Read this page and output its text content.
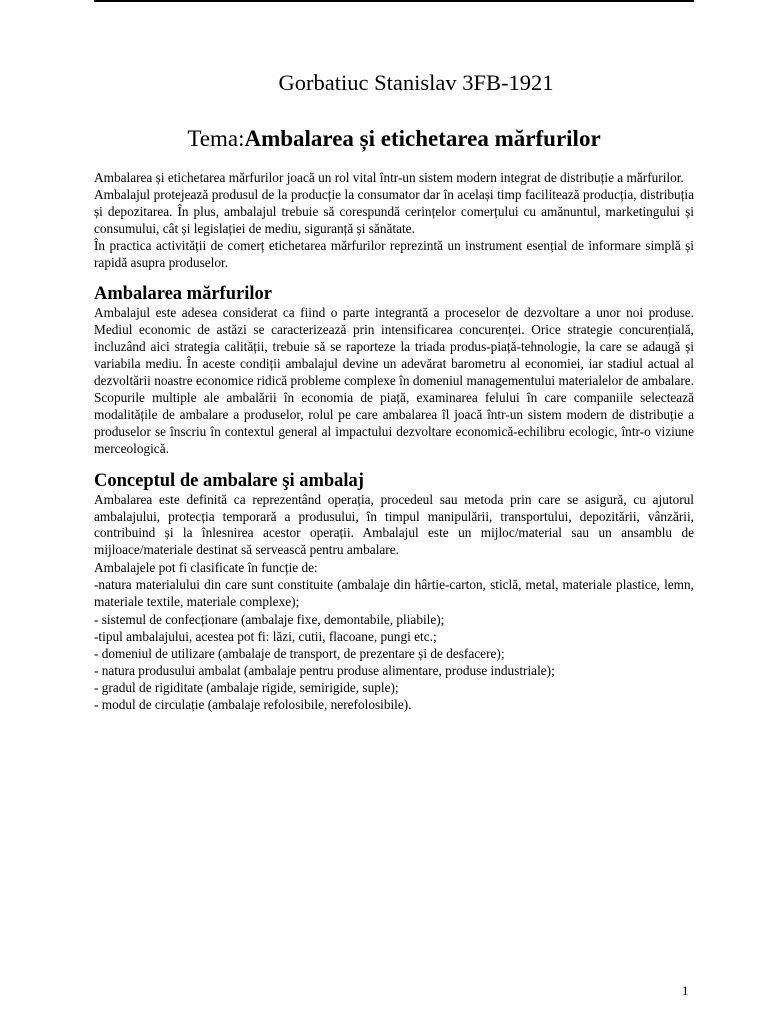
Gorbatiuc Stanislav 3FB-1921
Tema:Ambalarea și etichetarea mărfurilor

Ambalarea și etichetarea mărfurilor joacă un rol vital într-un sistem modern integrat de distribuție a mărfurilor.

Ambalajul protejează produsul de la producție la consumator dar în același timp facilitează producția, distribuția și depozitarea. În plus, ambalajul trebuie să corespundă cerințelor comerțului cu amănuntul, marketingului și consumului, cât și legislației de mediu, siguranță și sănătate.

În practica activității de comerț etichetarea mărfurilor reprezintă un instrument esențial de informare simplă și rapidă asupra produselor.

Ambalarea mărfurilor

Ambalajul este adesea considerat ca fiind o parte integrantă a proceselor de dezvoltare a unor noi produse. Mediul economic de astăzi se caracterizează prin intensificarea concurenței. Orice strategie concurențială, incluzând aici strategia calității, trebuie să se raporteze la triada produs-piață-tehnologie, la care se adaugă și variabila mediu. În aceste condiții ambalajul devine un adevărat barometru al economiei, iar stadiul actual al dezvoltării noastre economice ridică probleme complexe în domeniul managementului materialelor de ambalare. Scopurile multiple ale ambalării în economia de piață, examinarea felului în care companiile selectează modalitățile de ambalare a produselor, rolul pe care ambalarea îl joacă într-un sistem modern de distribuție a produselor se înscriu în contextul general al impactului dezvoltare economică-echilibru ecologic, într-o viziune merceologică.

Conceptul de ambalare şi ambalaj

Ambalarea este definită ca reprezentând operația, procedeul sau metoda prin care se asigură, cu ajutorul ambalajului, protecția temporară a produsului, în timpul manipulării, transportului, depozitării, vânzării, contribuind și la înlesnirea acestor operații. Ambalajul este un mijloc/material sau un ansamblu de mijloace/materiale destinat să servească pentru ambalare.

Ambalajele pot fi clasificate în funcție de:
-natura materialului din care sunt constituite (ambalaje din hârtie-carton, sticlă, metal, materiale plastice, lemn, materiale textile, materiale complexe);
- sistemul de confecționare (ambalaje fixe, demontabile, pliabile);
-tipul ambalajului, acestea pot fi: lăzi, cutii, flacoane, pungi etc.;
- domeniul de utilizare (ambalaje de transport, de prezentare și de desfacere);
- natura produsului ambalat (ambalaje pentru produse alimentare, produse industriale);
- gradul de rigiditate (ambalaje rigide, semirigide, suple);
- modul de circulație (ambalaje refolosibile, nerefolosibile).
1
